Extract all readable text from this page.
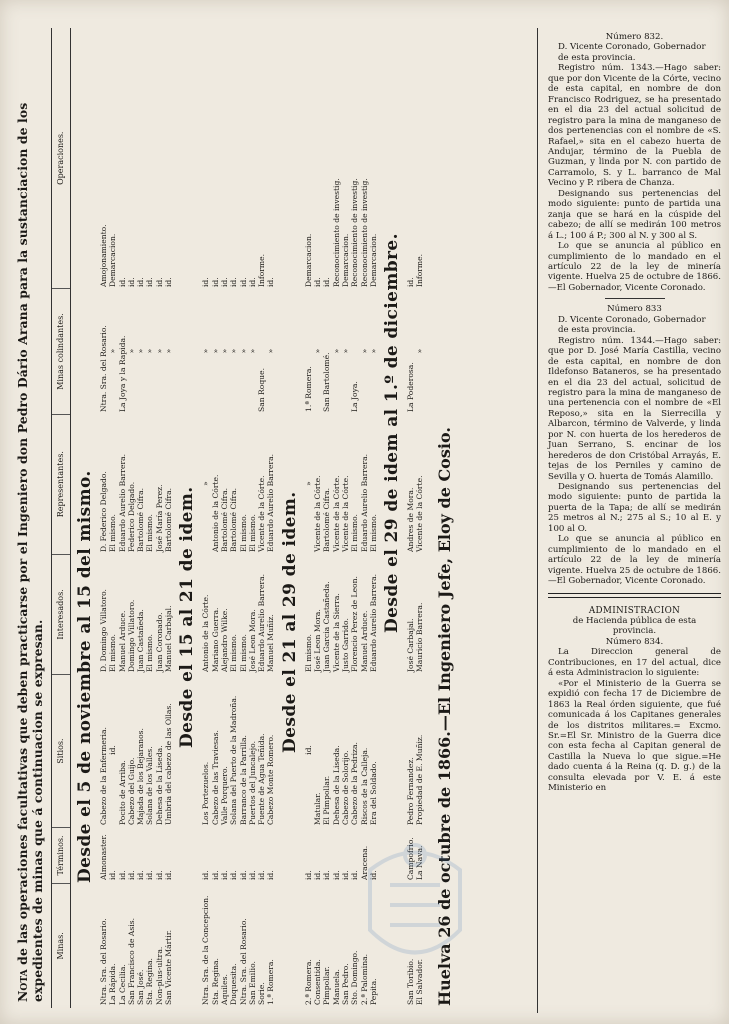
Nota de las operaciones facultativas que deben practicarse por el Ingeniero don Pedro Dário Arana para la sustanciacion de los expedientes de minas que á continuacion se expresan.	Minas.
Términos.
Sitios.
Interesados.
Representantes.
Minas colindantes.
Operaciones.
Desde el 5 de noviembre al 15 del mismo.
Ntra. Sra. del Rosario.
Almonaster.
Cabezo de la Enfermeria.
D. Domingo Villatoro.
D. Federico Delgado.
Ntra. Sra. del Rosario.
Amojonamiento.
La Rápida.
id.
id.
El mismo.
El mismo.
»
Demarcacion.
La Cecilia.
id.
Pocito de Arriba.
Manuel Arduce.
Eduardo Aurelio Barrera.
La Joya y la Rapida.
id.
San Francisco de Asis.
id.
Cabezo del Guijo.
Domingo Villatoro.
Federico Delgado.
»
id.
San José.
id.
Majada de los Bejaranos.
Juan Castañeda.
Bartolomé Cifra.
»
id.
Sta. Regina.
id.
Solana de los Valles.
El mismo.
El mismo.
»
id.
Non-plus-ultra.
id.
Dehesa de la Liseda.
Juan Coronado.
José María Perez.
»
id.
San Vicente Mártir.
id.
Umbria del cabezo de las Ollas.
Manuel Carbajal.
Bartolomé Cifra.
»
id.
Desde el 15 al 21 de idem.
Ntra. Sra. de la Concepcion.
id.
Los Portezuelos.
Antonio de la Córte.
»
»
id.
Sta. Regina.
id.
Cabezo de las Traviesas.
Mariano Guerra.
Antonio de la Córte.
»
id.
Aquiles.
id.
Valle Porquero.
Alejandro Wilke.
Bartolomé Cifra.
»
id.
Duquesita.
id.
Solana del Puerto de la Madroña.
El mismo.
Bartolomé Cifra.
»
id.
Ntra. Sra. del Rosario.
id.
Barranco de la Parrilla.
El mismo.
El mismo.
»
id.
San Emilio.
id.
Puertos del Juncalejo.
José Leon Mora.
El mismo.
»
id.
Sorie.
id.
Fuente de Agua Teñida.
Eduardo Aurelio Barrera.
Vicente de la Córte.
San Roque.
Informe.
1.ª Romera.
id.
Cabezo Monte Romero.
Manuel Muñiz.
Eduardo Aurelio Barrera.
»
id.
Desde el 21 al 29 de idem.
2.ª Romera.
id.
id.
El mismo.
»
1.ª Romera.
Demarcacion.
Consentida.
id.
Matular.
José Leon Mora.
Vicente de la Córte.
»
id.
Pimpollar.
id.
El Pimpollar.
Juan Garcia Castañeda.
Bartolomé Cifra.
San Bartolomé.
id.
Manuela.
id.
Dehesa de la Liseda.
Vicente de la Sierra.
Vicente de la Córte.
»
Reconocimiento de investig.
San Pedro.
id.
Cabezo de Solorijo.
Justo Garrido.
Vicente de la Córte.
»
Demarcacion.
Sto. Domingo.
id.
Cabezo de la Pedriza.
Florencio Perez de Leon.
El mismo.
La Joya.
Reconocimiento de investig.
2.ª Palomina.
Aracena.
Riscos de la Calleja.
Manuel Arduce.
Eduardo Aurelio Barrera.
»
Reconocimiento de investig.
Pepita.
id.
Era del Soldado.
Eduardo Aurelio Barrera.
El mismo.
»
Demarcacion. Desde el 29 de idem al 1.º de diciembre.
San Toribio.
Campofrio.
Pedro Fernandez.
José Carbajal.
Andres de Mora.
La Poderosa.
id.
El Salvador.
La Nava.
Propiedad de E. Muñiz.
Mauricio Barrera.
Vicente de la Córte.
»
Informe.
Huelva 26 de octubre de 1866.—El Ingeniero Jefe, Eloy de Cosio.

Número 832.

D. Vicente Coronado, Gobernador

de esta provincia.

Registro núm. 1343.—Hago saber: que por don Vicente de la Córte, vecino de esta capital, en nombre de don Francisco Rodriguez, se ha presentado en el dia 23 del actual solicitud de registro para la mina de manganeso de dos pertenencias con el nombre de «S. Rafael,» sita en el cabezo huerta de Andujar, término de la Puebla de Guzman, y linda por N. con partido de Carramolo, S. y L. barranco de Mal Vecino y P. ribera de Chanza.

Designando sus pertenencias del modo siguiente: punto de partida una zanja que se hará en la cúspide del cabezo; de allí se medirán 100 metros á L.; 100 á P.; 300 al N. y 300 al S.

Lo que se anuncia al público en cumplimiento de lo mandado en el artículo 22 de la ley de minería vigente. Huelva 25 de octubre de 1866.—El Gobernador, Vicente Coronado.

Número 833

D. Vicente Coronado, Gobernador

de esta provincia.

Registro núm. 1344.—Hago saber: que por D. José María Castilla, vecino de esta capital, en nombre de don Ildefonso Bataneros, se ha presentado en el dia 23 del actual, solicitud de registro para la mina de manganeso de una pertenencia con el nombre de «El Reposo,» sita en la Sierrecilla y Albarcon, término de Valverde, y linda por N. con huerta de los herederos de Juan Serrano, S. encinar de los herederos de don Cristóbal Arrayás, E. tejas de los Perniles y camino de Sevilla y O. huerta de Tomás Alamillo.

Designando sus pertenencias del modo siguiente: punto de partida la puerta de la Tapa; de allí se medirán 25 metros al N.; 275 al S.; 10 al E. y 100 al O.

Lo que se anuncia al público en cumplimiento de lo mandado en el artículo 22 de la ley de minería vigente. Huelva 25 de octubre de 1866.—El Gobernador, Vicente Coronado.

ADMINISTRACION

de Hacienda pública de esta

provincia.

Número 834.

La Direccion general de Contribuciones, en 17 del actual, dice á esta Administracion lo siguiente:

«Por el Ministerio de la Guerra se expidió con fecha 17 de Diciembre de 1863 la Real órden siguiente, que fué comunicada á los Capitanes generales de los distritos militares.= Excmo. Sr.=El Sr. Ministro de la Guerra dice con esta fecha al Capitan general de Castilla la Nueva lo que sigue.=He dado cuenta á la Reina (q. D. g.) de la consulta elevada por V. E. á este Ministerio en
